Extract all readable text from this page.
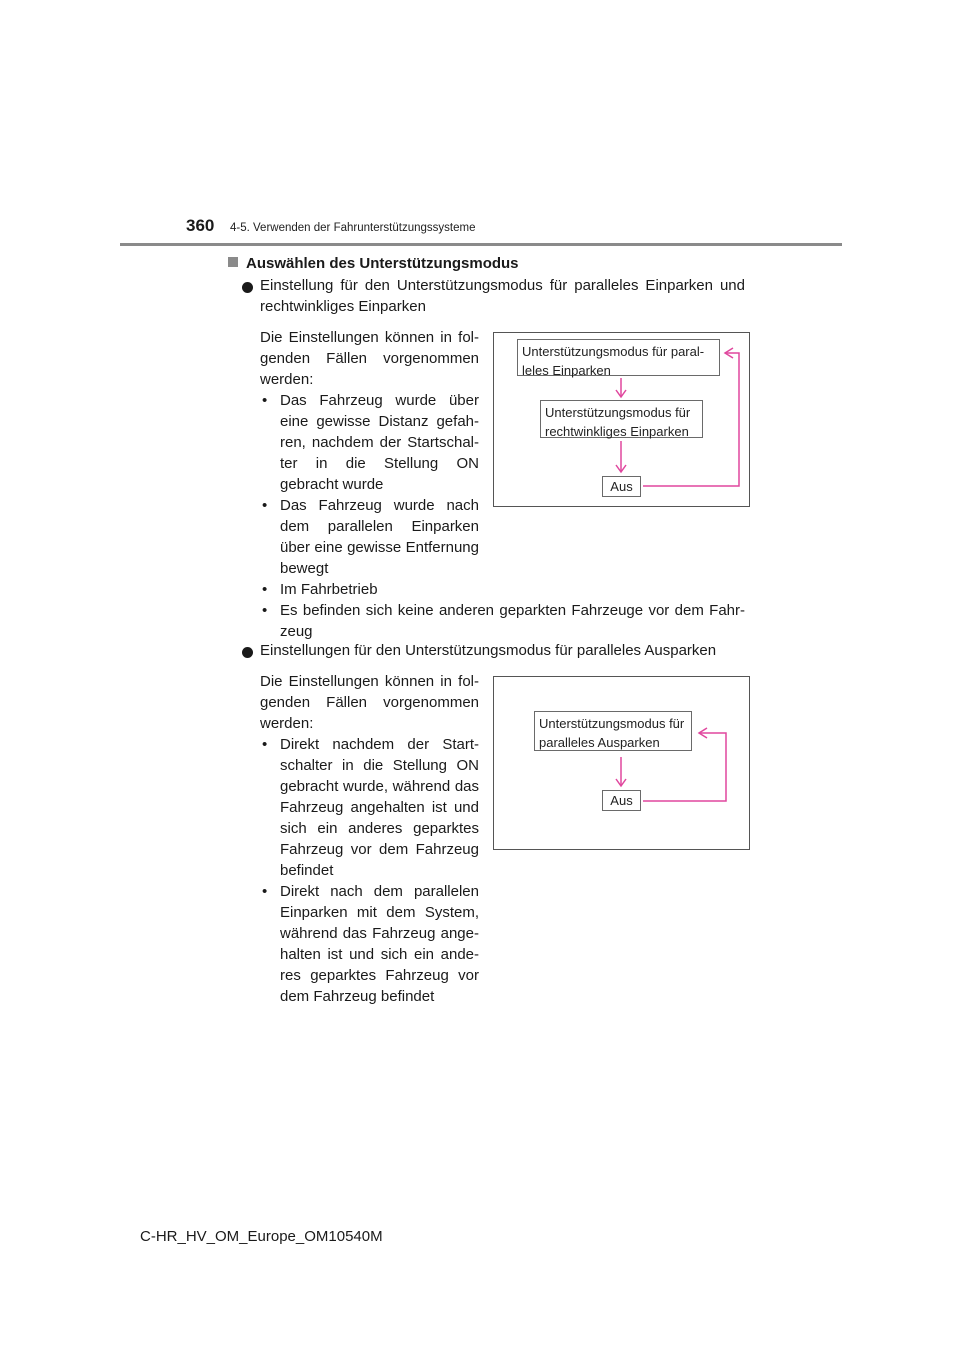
360 4-5. Verwenden der Fahrunterstützungssysteme
Auswählen des Unterstützungsmodus
Einstellung für den Unterstützungsmodus für paralleles Einparken und
rechtwinkliges Einparken
Die Einstellungen können in fol-
genden Fällen vorgenommen
werden:
• Das Fahrzeug wurde über
eine gewisse Distanz gefah-
ren, nachdem der Startschal-
ter in die Stellung ON
gebracht wurde
• Das Fahrzeug wurde nach
dem parallelen Einparken
über eine gewisse Entfernung
bewegt
• Im Fahrbetrieb
• Es befinden sich keine anderen geparkten Fahrzeuge vor dem Fahr-
zeug
Unterstützungsmodus für paral-
leles Einparken
Unterstützungsmodus für
rechtwinkliges Einparken
Aus
Einstellungen für den Unterstützungsmodus für paralleles Ausparken
Die Einstellungen können in fol-
genden Fällen vorgenommen
werden:
• Direkt nachdem der Start-
schalter in die Stellung ON
gebracht wurde, während das
Fahrzeug angehalten ist und
sich ein anderes geparktes
Fahrzeug vor dem Fahrzeug
befindet
• Direkt nach dem parallelen
Einparken mit dem System,
während das Fahrzeug ange-
halten ist und sich ein ande-
res geparktes Fahrzeug vor
dem Fahrzeug befindet
Unterstützungsmodus für
paralleles Ausparken
Aus
C-HR_HV_OM_Europe_OM10540M
